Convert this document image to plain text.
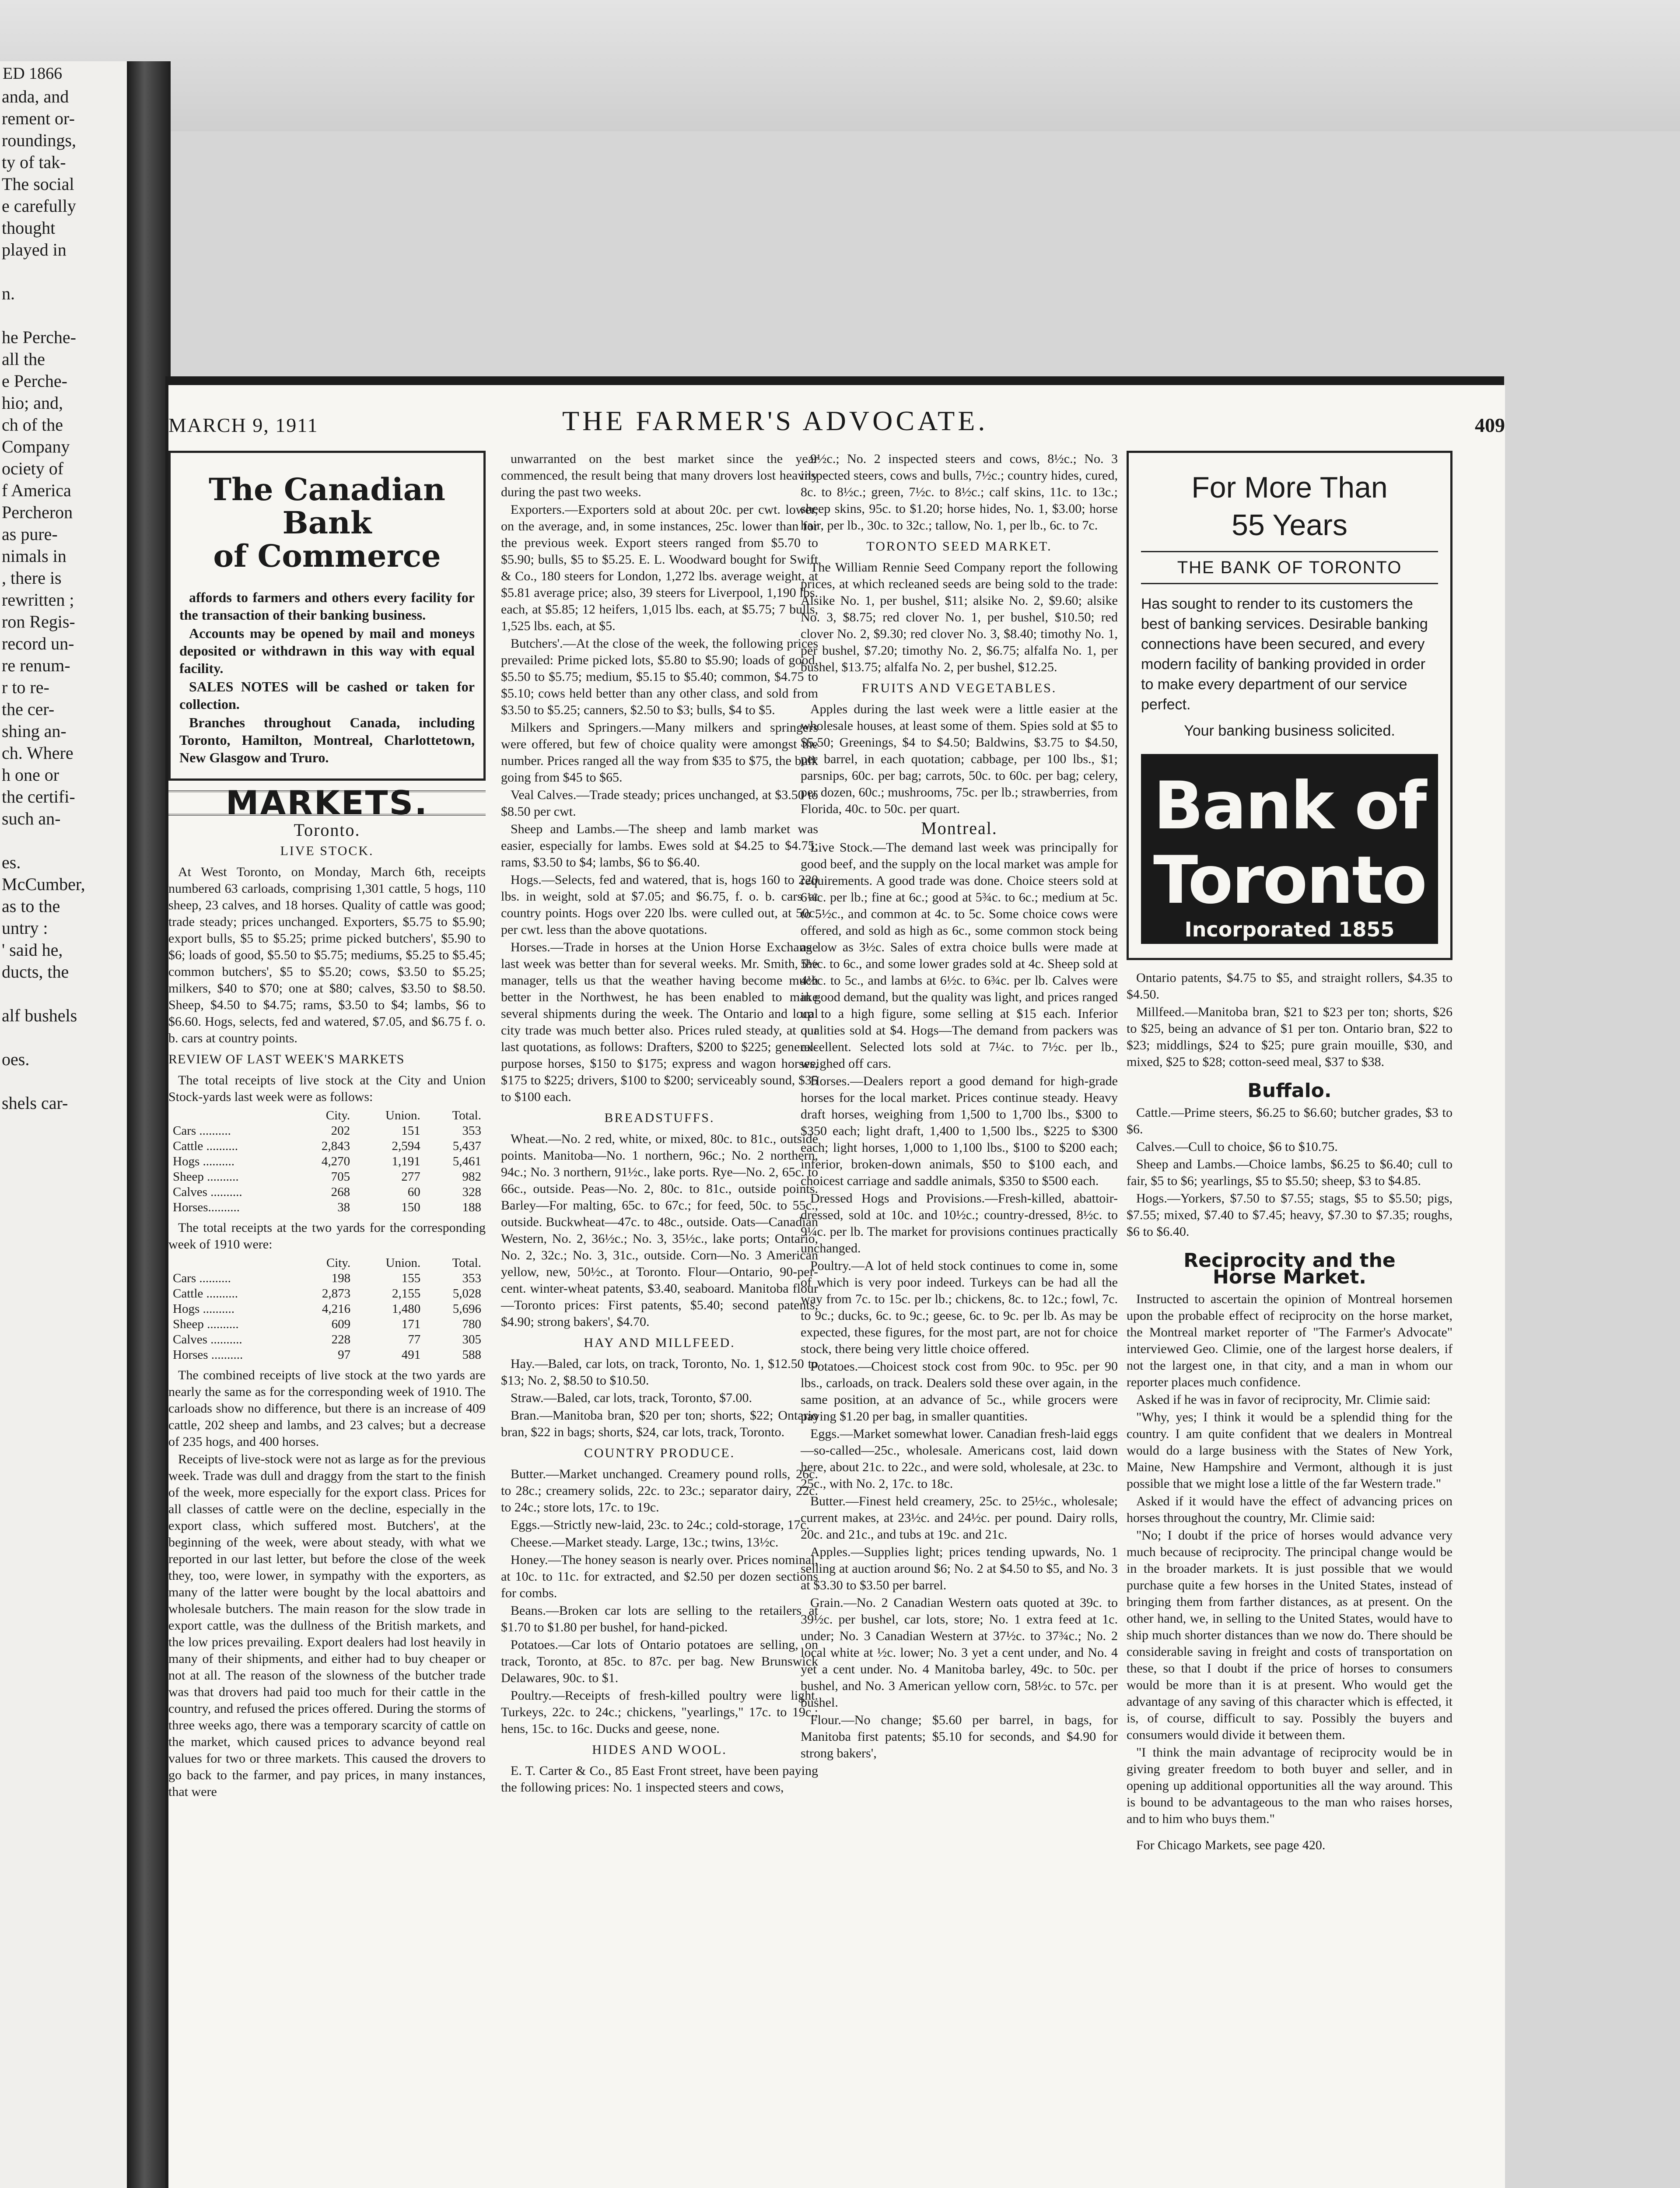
ED 1866
anda, and
rement or-
roundings,
ty of tak-
The social
e carefully
thought
played in

n.

he Perche-
all the
e Perche-
hio; and,
ch of the
Company
ociety of
f America
Percheron
as pure-
nimals in
, there is
rewritten ;
ron Regis-
record un-
re renum-
r to re-
the cer-
shing an-
ch. Where
h one or
the certifi-
such an-

es.
McCumber,
as to the
untry :
' said he,
ducts, the

alf bushels

oes.

shels car-
MARCH 9, 1911	THE FARMER'S ADVOCATE.	409
The Canadian Bank
of Commerce

affords to farmers and others every facility for the transaction of their banking business.

Accounts may be opened by mail and moneys deposited or withdrawn in this way with equal facility.

SALES NOTES will be cashed or taken for collection.

Branches throughout Canada, including Toronto, Hamilton, Montreal, Charlottetown, New Glasgow and Truro.

MARKETS.
Toronto.
LIVE STOCK.

At West Toronto, on Monday, March 6th, receipts numbered 63 carloads, comprising 1,301 cattle, 5 hogs, 110 sheep, 23 calves, and 18 horses. Quality of cattle was good; trade steady; prices unchanged. Exporters, $5.75 to $5.90; export bulls, $5 to $5.25; prime picked butchers', $5.90 to $6; loads of good, $5.50 to $5.75; mediums, $5.25 to $5.45; common butchers', $5 to $5.20; cows, $3.50 to $5.25; milkers, $40 to $70; one at $80; calves, $3.50 to $8.50. Sheep, $4.50 to $4.75; rams, $3.50 to $4; lambs, $6 to $6.60. Hogs, selects, fed and watered, $7.05, and $6.75 f. o. b. cars at country points.

REVIEW OF LAST WEEK'S MARKETS

The total receipts of live stock at the City and Union Stock-yards last week were as follows:

	City.	Union.	Total.
Cars ..........	202	151	353
Cattle ..........	2,843	2,594	5,437
Hogs ..........	4,270	1,191	5,461
Sheep ..........	705	277	982
Calves ..........	268	60	328
Horses..........	38	150	188

The total receipts at the two yards for the corresponding week of 1910 were:

	City.	Union.	Total.
Cars ..........	198	155	353
Cattle ..........	2,873	2,155	5,028
Hogs ..........	4,216	1,480	5,696
Sheep ..........	609	171	780
Calves ..........	228	77	305
Horses ..........	97	491	588

The combined receipts of live stock at the two yards are nearly the same as for the corresponding week of 1910. The carloads show no difference, but there is an increase of 409 cattle, 202 sheep and lambs, and 23 calves; but a decrease of 235 hogs, and 400 horses.

Receipts of live-stock were not as large as for the previous week. Trade was dull and draggy from the start to the finish of the week, more especially for the export class. Prices for all classes of cattle were on the decline, especially in the export class, which suffered most. Butchers', at the beginning of the week, were about steady, with what we reported in our last letter, but before the close of the week they, too, were lower, in sympathy with the exporters, as many of the latter were bought by the local abattoirs and wholesale butchers. The main reason for the slow trade in export cattle, was the dullness of the British markets, and the low prices prevailing. Export dealers had lost heavily in many of their shipments, and either had to buy cheaper or not at all. The reason of the slowness of the butcher trade was that drovers had paid too much for their cattle in the country, and refused the prices offered. During the storms of three weeks ago, there was a temporary scarcity of cattle on the market, which caused prices to advance beyond real values for two or three markets. This caused the drovers to go back to the farmer, and pay prices, in many instances, that were

unwarranted on the best market since the year commenced, the result being that many drovers lost heavily during the past two weeks.

Exporters.—Exporters sold at about 20c. per cwt. lower, on the average, and, in some instances, 25c. lower than for the previous week. Export steers ranged from $5.70 to $5.90; bulls, $5 to $5.25. E. L. Woodward bought for Swift & Co., 180 steers for London, 1,272 lbs. average weight, at $5.81 average price; also, 39 steers for Liverpool, 1,190 lbs. each, at $5.85; 12 heifers, 1,015 lbs. each, at $5.75; 7 bulls, 1,525 lbs. each, at $5.

Butchers'.—At the close of the week, the following prices prevailed: Prime picked lots, $5.80 to $5.90; loads of good, $5.50 to $5.75; medium, $5.15 to $5.40; common, $4.75 to $5.10; cows held better than any other class, and sold from $3.50 to $5.25; canners, $2.50 to $3; bulls, $4 to $5.

Milkers and Springers.—Many milkers and springers were offered, but few of choice quality were amongst the number. Prices ranged all the way from $35 to $75, the bulk going from $45 to $65.

Veal Calves.—Trade steady; prices unchanged, at $3.50 to $8.50 per cwt.

Sheep and Lambs.—The sheep and lamb market was easier, especially for lambs. Ewes sold at $4.25 to $4.75; rams, $3.50 to $4; lambs, $6 to $6.40.

Hogs.—Selects, fed and watered, that is, hogs 160 to 220 lbs. in weight, sold at $7.05; and $6.75, f. o. b. cars at country points. Hogs over 220 lbs. were culled out, at 50c. per cwt. less than the above quotations.

Horses.—Trade in horses at the Union Horse Exchange last week was better than for several weeks. Mr. Smith, the manager, tells us that the weather having become much better in the Northwest, he has been enabled to make several shipments during the week. The Ontario and local city trade was much better also. Prices ruled steady, at our last quotations, as follows: Drafters, $200 to $225; general-purpose horses, $150 to $175; express and wagon horses, $175 to $225; drivers, $100 to $200; serviceably sound, $35 to $100 each.

BREADSTUFFS.

Wheat.—No. 2 red, white, or mixed, 80c. to 81c., outside points. Manitoba—No. 1 northern, 96c.; No. 2 northern, 94c.; No. 3 northern, 91½c., lake ports. Rye—No. 2, 65c. to 66c., outside. Peas—No. 2, 80c. to 81c., outside points. Barley—For malting, 65c. to 67c.; for feed, 50c. to 55c., outside. Buckwheat—47c. to 48c., outside. Oats—Canadian Western, No. 2, 36½c.; No. 3, 35½c., lake ports; Ontario, No. 2, 32c.; No. 3, 31c., outside. Corn—No. 3 American yellow, new, 50½c., at Toronto. Flour—Ontario, 90-per-cent. winter-wheat patents, $3.40, seaboard. Manitoba flour—Toronto prices: First patents, $5.40; second patents, $4.90; strong bakers', $4.70.

HAY AND MILLFEED.

Hay.—Baled, car lots, on track, Toronto, No. 1, $12.50 to $13; No. 2, $8.50 to $10.50.

Straw.—Baled, car lots, track, Toronto, $7.00.

Bran.—Manitoba bran, $20 per ton; shorts, $22; Ontario bran, $22 in bags; shorts, $24, car lots, track, Toronto.

COUNTRY PRODUCE.

Butter.—Market unchanged. Creamery pound rolls, 26c. to 28c.; creamery solids, 22c. to 23c.; separator dairy, 22c. to 24c.; store lots, 17c. to 19c.

Eggs.—Strictly new-laid, 23c. to 24c.; cold-storage, 17c.

Cheese.—Market steady. Large, 13c.; twins, 13½c.

Honey.—The honey season is nearly over. Prices nominal, at 10c. to 11c. for extracted, and $2.50 per dozen sections for combs.

Beans.—Broken car lots are selling to the retailers at $1.70 to $1.80 per bushel, for hand-picked.

Potatoes.—Car lots of Ontario potatoes are selling, on track, Toronto, at 85c. to 87c. per bag. New Brunswick Delawares, 90c. to $1.

Poultry.—Receipts of fresh-killed poultry were light. Turkeys, 22c. to 24c.; chickens, "yearlings," 17c. to 19c.; hens, 15c. to 16c. Ducks and geese, none.

HIDES AND WOOL.

E. T. Carter & Co., 85 East Front street, have been paying the following prices: No. 1 inspected steers and cows,

9½c.; No. 2 inspected steers and cows, 8½c.; No. 3 inspected steers, cows and bulls, 7½c.; country hides, cured, 8c. to 8½c.; green, 7½c. to 8½c.; calf skins, 11c. to 13c.; sheep skins, 95c. to $1.20; horse hides, No. 1, $3.00; horse hair, per lb., 30c. to 32c.; tallow, No. 1, per lb., 6c. to 7c.

TORONTO SEED MARKET.

The William Rennie Seed Company report the following prices, at which recleaned seeds are being sold to the trade: Alsike No. 1, per bushel, $11; alsike No. 2, $9.60; alsike No. 3, $8.75; red clover No. 1, per bushel, $10.50; red clover No. 2, $9.30; red clover No. 3, $8.40; timothy No. 1, per bushel, $7.20; timothy No. 2, $6.75; alfalfa No. 1, per bushel, $13.75; alfalfa No. 2, per bushel, $12.25.

FRUITS AND VEGETABLES.

Apples during the last week were a little easier at the wholesale houses, at least some of them. Spies sold at $5 to $5.50; Greenings, $4 to $4.50; Baldwins, $3.75 to $4.50, per barrel, in each quotation; cabbage, per 100 lbs., $1; parsnips, 60c. per bag; carrots, 50c. to 60c. per bag; celery, per dozen, 60c.; mushrooms, 75c. per lb.; strawberries, from Florida, 40c. to 50c. per quart.

Montreal.

Live Stock.—The demand last week was principally for good beef, and the supply on the local market was ample for requirements. A good trade was done. Choice steers sold at 6¼c. per lb.; fine at 6c.; good at 5¾c. to 6c.; medium at 5c. to 5½c., and common at 4c. to 5c. Some choice cows were offered, and sold as high as 6c., some common stock being as low as 3½c. Sales of extra choice bulls were made at 5½c. to 6c., and some lower grades sold at 4c. Sheep sold at 4½c. to 5c., and lambs at 6½c. to 6¾c. per lb. Calves were in good demand, but the quality was light, and prices ranged up to a high figure, some selling at $15 each. Inferior qualities sold at $4. Hogs—The demand from packers was excellent. Selected lots sold at 7¼c. to 7½c. per lb., weighed off cars.

Horses.—Dealers report a good demand for high-grade horses for the local market. Prices continue steady. Heavy draft horses, weighing from 1,500 to 1,700 lbs., $300 to $350 each; light draft, 1,400 to 1,500 lbs., $225 to $300 each; light horses, 1,000 to 1,100 lbs., $100 to $200 each; inferior, broken-down animals, $50 to $100 each, and choicest carriage and saddle animals, $350 to $500 each.

Dressed Hogs and Provisions.—Fresh-killed, abattoir-dressed, sold at 10c. and 10½c.; country-dressed, 8½c. to 9¼c. per lb. The market for provisions continues practically unchanged.

Poultry.—A lot of held stock continues to come in, some of which is very poor indeed. Turkeys can be had all the way from 7c. to 15c. per lb.; chickens, 8c. to 12c.; fowl, 7c. to 9c.; ducks, 6c. to 9c.; geese, 6c. to 9c. per lb. As may be expected, these figures, for the most part, are not for choice stock, there being very little choice offered.

Potatoes.—Choicest stock cost from 90c. to 95c. per 90 lbs., carloads, on track. Dealers sold these over again, in the same position, at an advance of 5c., while grocers were paying $1.20 per bag, in smaller quantities.

Eggs.—Market somewhat lower. Canadian fresh-laid eggs—so-called—25c., wholesale. Americans cost, laid down here, about 21c. to 22c., and were sold, wholesale, at 23c. to 25c., with No. 2, 17c. to 18c.

Butter.—Finest held creamery, 25c. to 25½c., wholesale; current makes, at 23½c. and 24½c. per pound. Dairy rolls, 20c. and 21c., and tubs at 19c. and 21c.

Apples.—Supplies light; prices tending upwards, No. 1 selling at auction around $6; No. 2 at $4.50 to $5, and No. 3 at $3.30 to $3.50 per barrel.

Grain.—No. 2 Canadian Western oats quoted at 39c. to 39½c. per bushel, car lots, store; No. 1 extra feed at 1c. under; No. 3 Canadian Western at 37½c. to 37¾c.; No. 2 local white at ½c. lower; No. 3 yet a cent under, and No. 4 yet a cent under. No. 4 Manitoba barley, 49c. to 50c. per bushel, and No. 3 American yellow corn, 58½c. to 57c. per bushel.

Flour.—No change; $5.60 per barrel, in bags, for Manitoba first patents; $5.10 for seconds, and $4.90 for strong bakers',

For More Than
55 Years
THE BANK OF TORONTO
Has sought to render to its customers the best of banking services. Desirable banking connections have been secured, and every modern facility of banking provided in order to make every department of our service perfect.
Your banking business solicited.
Bank of Toronto
Incorporated 1855

Ontario patents, $4.75 to $5, and straight rollers, $4.35 to $4.50.

Millfeed.—Manitoba bran, $21 to $23 per ton; shorts, $26 to $25, being an advance of $1 per ton. Ontario bran, $22 to $23; middlings, $24 to $25; pure grain mouille, $30, and mixed, $25 to $28; cotton-seed meal, $37 to $38.

Buffalo.

Cattle.—Prime steers, $6.25 to $6.60; butcher grades, $3 to $6.

Calves.—Cull to choice, $6 to $10.75.

Sheep and Lambs.—Choice lambs, $6.25 to $6.40; cull to fair, $5 to $6; yearlings, $5 to $5.50; sheep, $3 to $4.85.

Hogs.—Yorkers, $7.50 to $7.55; stags, $5 to $5.50; pigs, $7.55; mixed, $7.40 to $7.45; heavy, $7.30 to $7.35; roughs, $6 to $6.40.

Reciprocity and the
Horse Market.

Instructed to ascertain the opinion of Montreal horsemen upon the probable effect of reciprocity on the horse market, the Montreal market reporter of "The Farmer's Advocate" interviewed Geo. Climie, one of the largest horse dealers, if not the largest one, in that city, and a man in whom our reporter places much confidence.

Asked if he was in favor of reciprocity, Mr. Climie said:

"Why, yes; I think it would be a splendid thing for the country. I am quite confident that we dealers in Montreal would do a large business with the States of New York, Maine, New Hampshire and Vermont, although it is just possible that we might lose a little of the far Western trade."

Asked if it would have the effect of advancing prices on horses throughout the country, Mr. Climie said:

"No; I doubt if the price of horses would advance very much because of reciprocity. The principal change would be in the broader markets. It is just possible that we would purchase quite a few horses in the United States, instead of bringing them from farther distances, as at present. On the other hand, we, in selling to the United States, would have to ship much shorter distances than we now do. There should be considerable saving in freight and costs of transportation on these, so that I doubt if the price of horses to consumers would be more than it is at present. Who would get the advantage of any saving of this character which is effected, it is, of course, difficult to say. Possibly the buyers and consumers would divide it between them.

"I think the main advantage of reciprocity would be in giving greater freedom to both buyer and seller, and in opening up additional opportunities all the way around. This is bound to be advantageous to the man who raises horses, and to him who buys them."

For Chicago Markets, see page 420.
